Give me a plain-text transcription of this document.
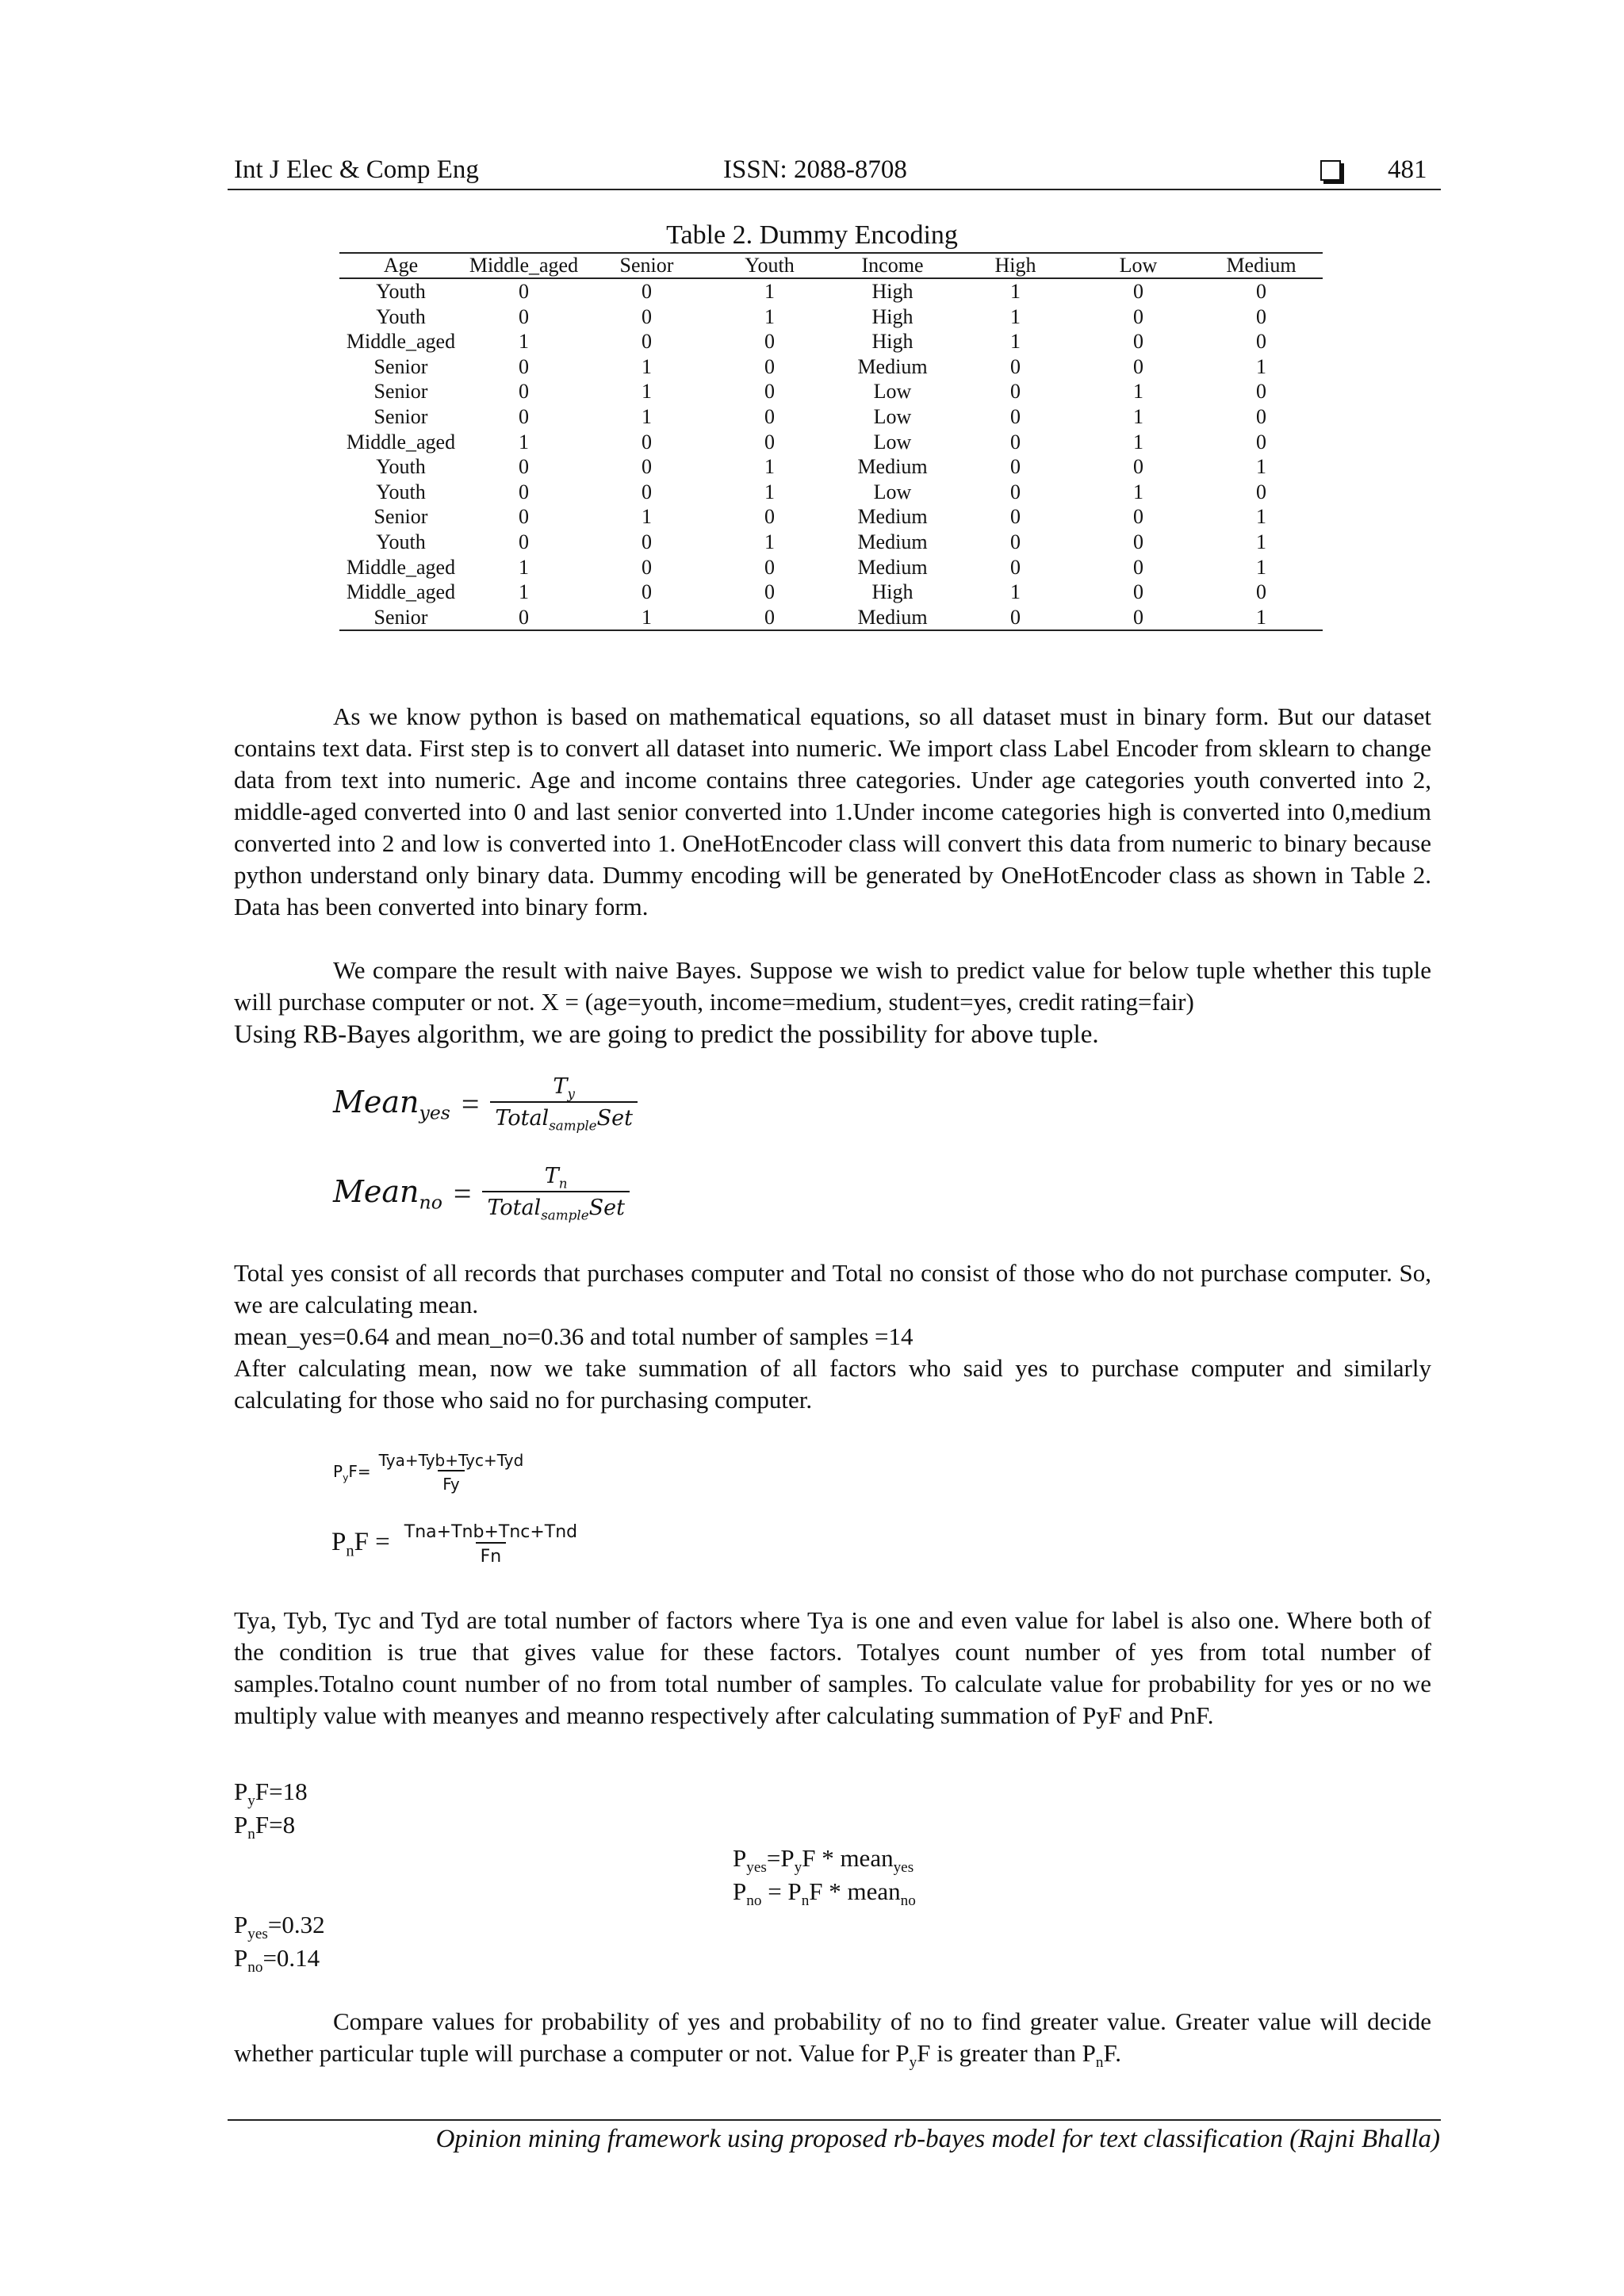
Int J Elec & Comp Eng	ISSN: 2088-8708	481
Table 2. Dummy Encoding
Age	Middle_aged	Senior	Youth	Income	High	Low	Medium
Youth	0	0	1	High	1	0	0
Youth	0	0	1	High	1	0	0
Middle_aged	1	0	0	High	1	0	0
Senior	0	1	0	Medium	0	0	1
Senior	0	1	0	Low	0	1	0
Senior	0	1	0	Low	0	1	0
Middle_aged	1	0	0	Low	0	1	0
Youth	0	0	1	Medium	0	0	1
Youth	0	0	1	Low	0	1	0
Senior	0	1	0	Medium	0	0	1
Youth	0	0	1	Medium	0	0	1
Middle_aged	1	0	0	Medium	0	0	1
Middle_aged	1	0	0	High	1	0	0
Senior	0	1	0	Medium	0	0	1

As we know python is based on mathematical equations, so all dataset must in binary form. But our dataset contains text data. First step is to convert all dataset into numeric. We import class Label Encoder from sklearn to change data from text into numeric. Age and income contains three categories. Under age categories youth converted into 2, middle-aged converted into 0 and last senior converted into 1.Under income categories high is converted into 0,medium converted into 2 and low is converted into 1. OneHotEncoder class will convert this data from numeric to binary because python understand only binary data. Dummy encoding will be generated by OneHotEncoder class as shown in Table 2. Data has been converted into binary form.

We compare the result with naive Bayes. Suppose we wish to predict value for below tuple whether this tuple will purchase computer or not. X = (age=youth, income=medium, student=yes, credit rating=fair)

Using RB-Bayes algorithm, we are going to predict the possibility for above tuple.
Mean$_{yes}$ = $\frac{T_y}{Total_{sample}Set}$
Mean$_{no}$ = $\frac{T_n}{Total_{sample}Set}$

Total yes consist of all records that purchases computer and Total no consist of those who do not purchase computer. So, we are calculating mean.

mean_yes=0.64 and mean_no=0.36 and total number of samples =14

After calculating mean, now we take summation of all factors who said yes to purchase computer and similarly calculating for those who said no for purchasing computer.

$P_yF= \frac{\text{Tya+Tyb+Tyc+Tyd}}{Fy}$
$P_nF = \frac{\text{Tna+Tnb+Tnc+Tnd}}{Fn}$

Tya, Tyb, Tyc and Tyd are total number of factors where Tya is one and even value for label is also one. Where both of the condition is true that gives value for these factors. Totalyes count number of yes from total number of samples.Totalno count number of no from total number of samples. To calculate value for probability for yes or no we multiply value with meanyes and meanno respectively after calculating summation of PyF and PnF.

$P_yF=18$
$P_nF=8$
$P_{yes}=P_yF$ * mean$_{yes}$
$P_{no} = P_nF$ * mean$_{no}$
$P_{yes}=0.32$
$P_{no}=0.14$

Compare values for probability of yes and probability of no to find greater value. Greater value will decide whether particular tuple will purchase a computer or not. Value for $P_yF$ is greater than $P_nF$.

Opinion mining framework using proposed rb-bayes model for text classification (Rajni Bhalla)
